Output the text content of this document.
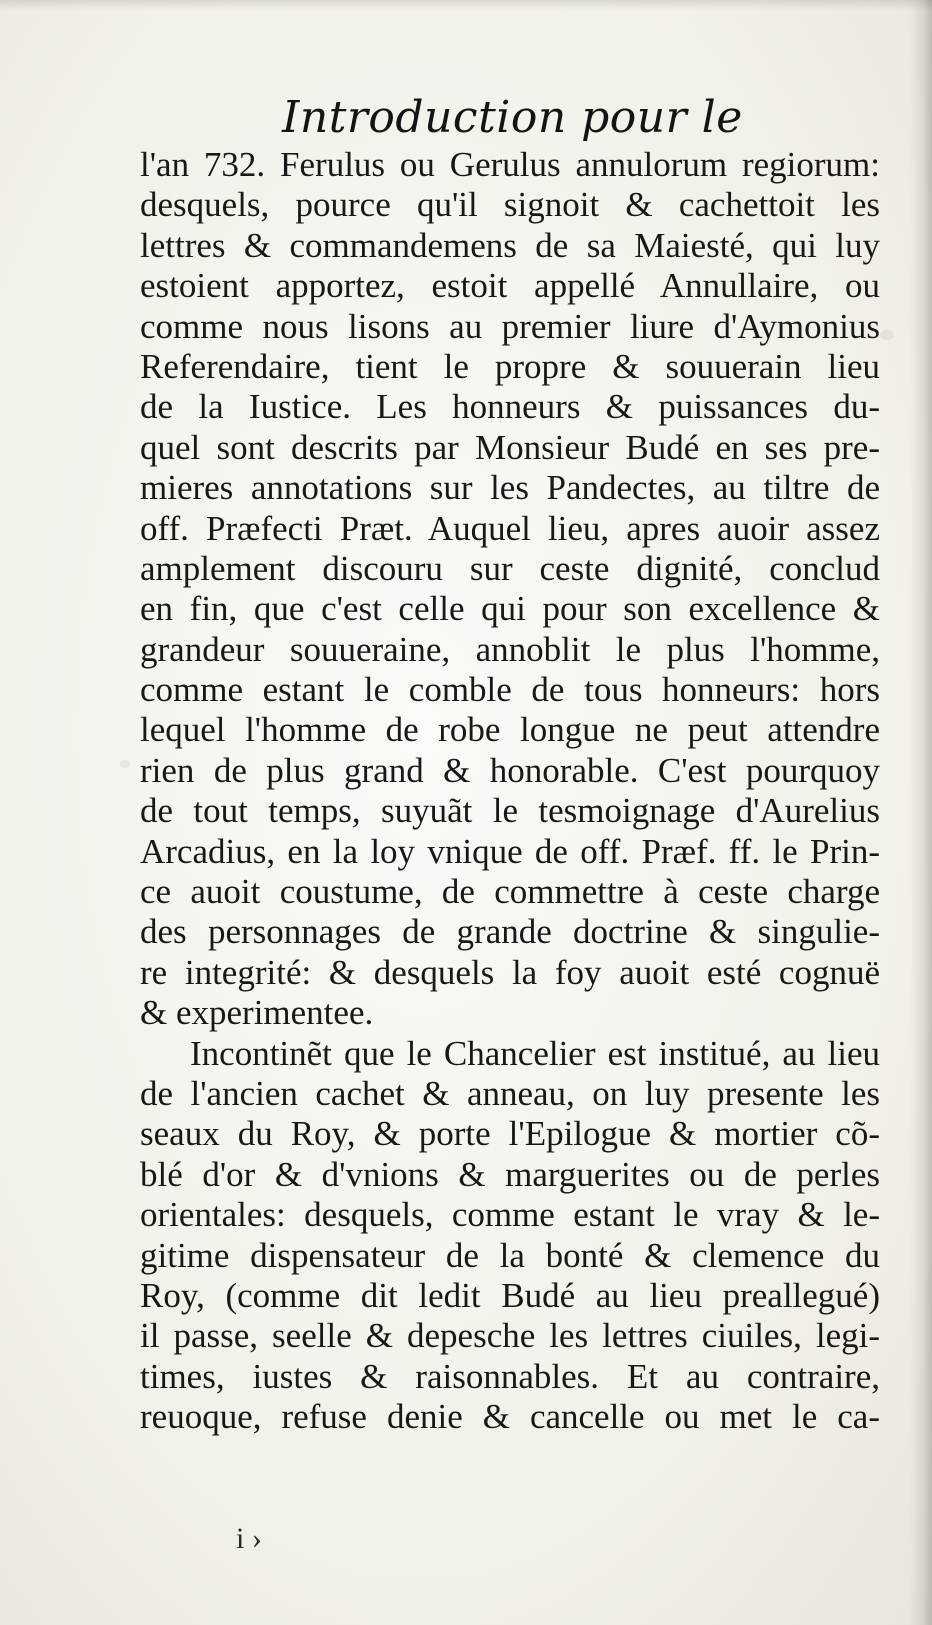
Introduction pour le
l'an 732. Ferulus ou Gerulus annulorum regiorum:
desquels, pource qu'il signoit & cachettoit les
lettres & commandemens de sa Maiesté, qui luy
estoient apportez, estoit appellé Annullaire, ou
comme nous lisons au premier liure d'Aymonius
Referendaire, tient le propre & souuerain lieu
de la Iustice. Les honneurs & puissances du-
quel sont descrits par Monsieur Budé en ses pre-
mieres annotations sur les Pandectes, au tiltre de
off. Præfecti Præt. Auquel lieu, apres auoir assez
amplement discouru sur ceste dignité, conclud
en fin, que c'est celle qui pour son excellence &
grandeur souueraine, annoblit le plus l'homme,
comme estant le comble de tous honneurs: hors
lequel l'homme de robe longue ne peut attendre
rien de plus grand & honorable. C'est pourquoy
de tout temps, suyuãt le tesmoignage d'Aurelius
Arcadius, en la loy vnique de off. Præf. ff. le Prin-
ce auoit coustume, de commettre à ceste charge
des personnages de grande doctrine & singulie-
re integrité: & desquels la foy auoit esté cognuë
& experimentee.
Incontinẽt que le Chancelier est institué, au lieu
de l'ancien cachet & anneau, on luy presente les
seaux du Roy, & porte l'Epilogue & mortier cõ-
blé d'or & d'vnions & marguerites ou de perles
orientales: desquels, comme estant le vray & le-
gitime dispensateur de la bonté & clemence du
Roy, (comme dit ledit Budé au lieu preallegué)
il passe, seelle & depesche les lettres ciuiles, legi-
times, iustes & raisonnables. Et au contraire,
reuoque, refuse denie & cancelle ou met le ca-
i ›
